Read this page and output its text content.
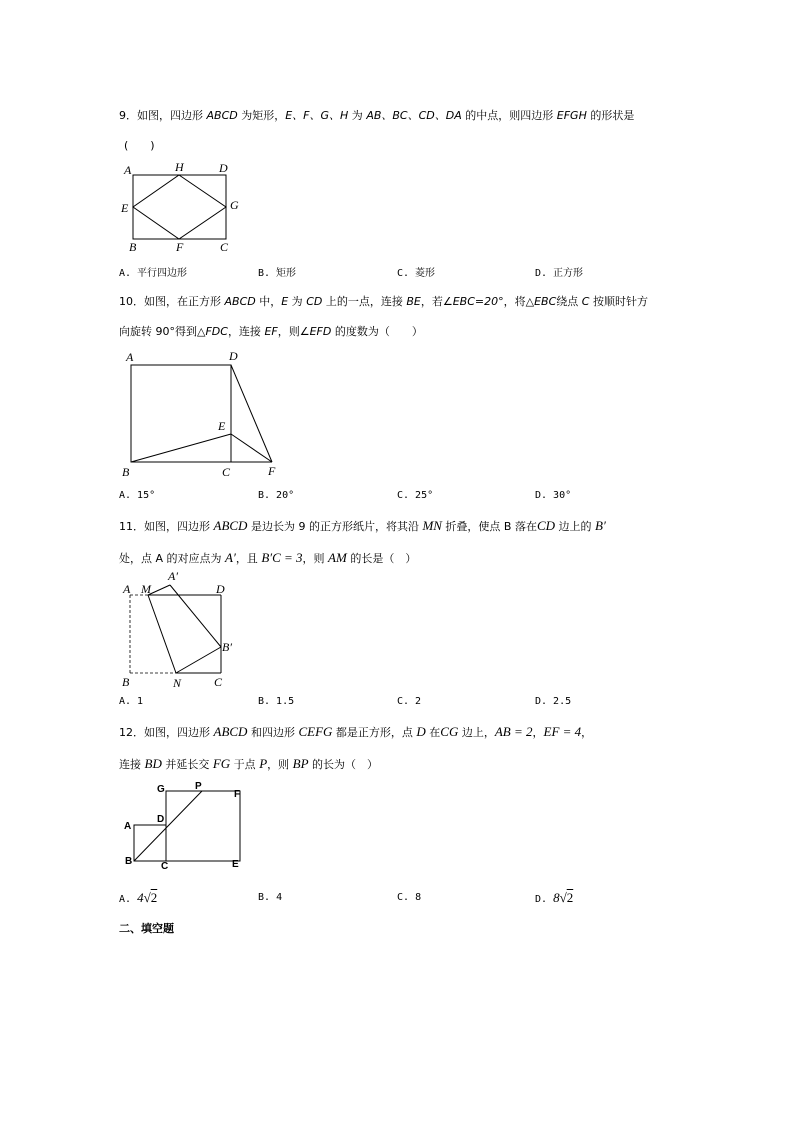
9．如图，四边形 ABCD 为矩形，E、F、G、H 为 AB、BC、CD、DA 的中点，则四边形 EFGH 的形状是
(　　)
A	H	D
E	G
B	F	C
A. 平行四边形	B. 矩形	C. 菱形	D. 正方形
10．如图，在正方形 ABCD 中，E 为 CD 上的一点，连接 BE，若∠EBC=20°，将△EBC绕点 C 按顺时针方
向旋转 90°得到△FDC，连接 EF，则∠EFD 的度数为（　　）
A	D
E
B	C	F
A. 15°	B. 20°	C. 25°	D. 30°
11．如图，四边形 ABCD 是边长为 9 的正方形纸片，将其沿 MN 折叠，使点 B 落在CD 边上的 B′
处，点 A 的对应点为 A′，且 B′C = 3，则 AM 的长是（　）
A M
A′
D
B′
B	N	C
A. 1	B. 1.5	C. 2	D. 2.5
12．如图，四边形 ABCD 和四边形 CEFG 都是正方形，点 D 在CG 边上，AB = 2，EF = 4，
连接 BD 并延长交 FG 于点 P，则 BP 的长为（　）
G	P
F
A
D
B	C	E
A. 4√2	B. 4	C. 8	D. 8√2
二、填空题
